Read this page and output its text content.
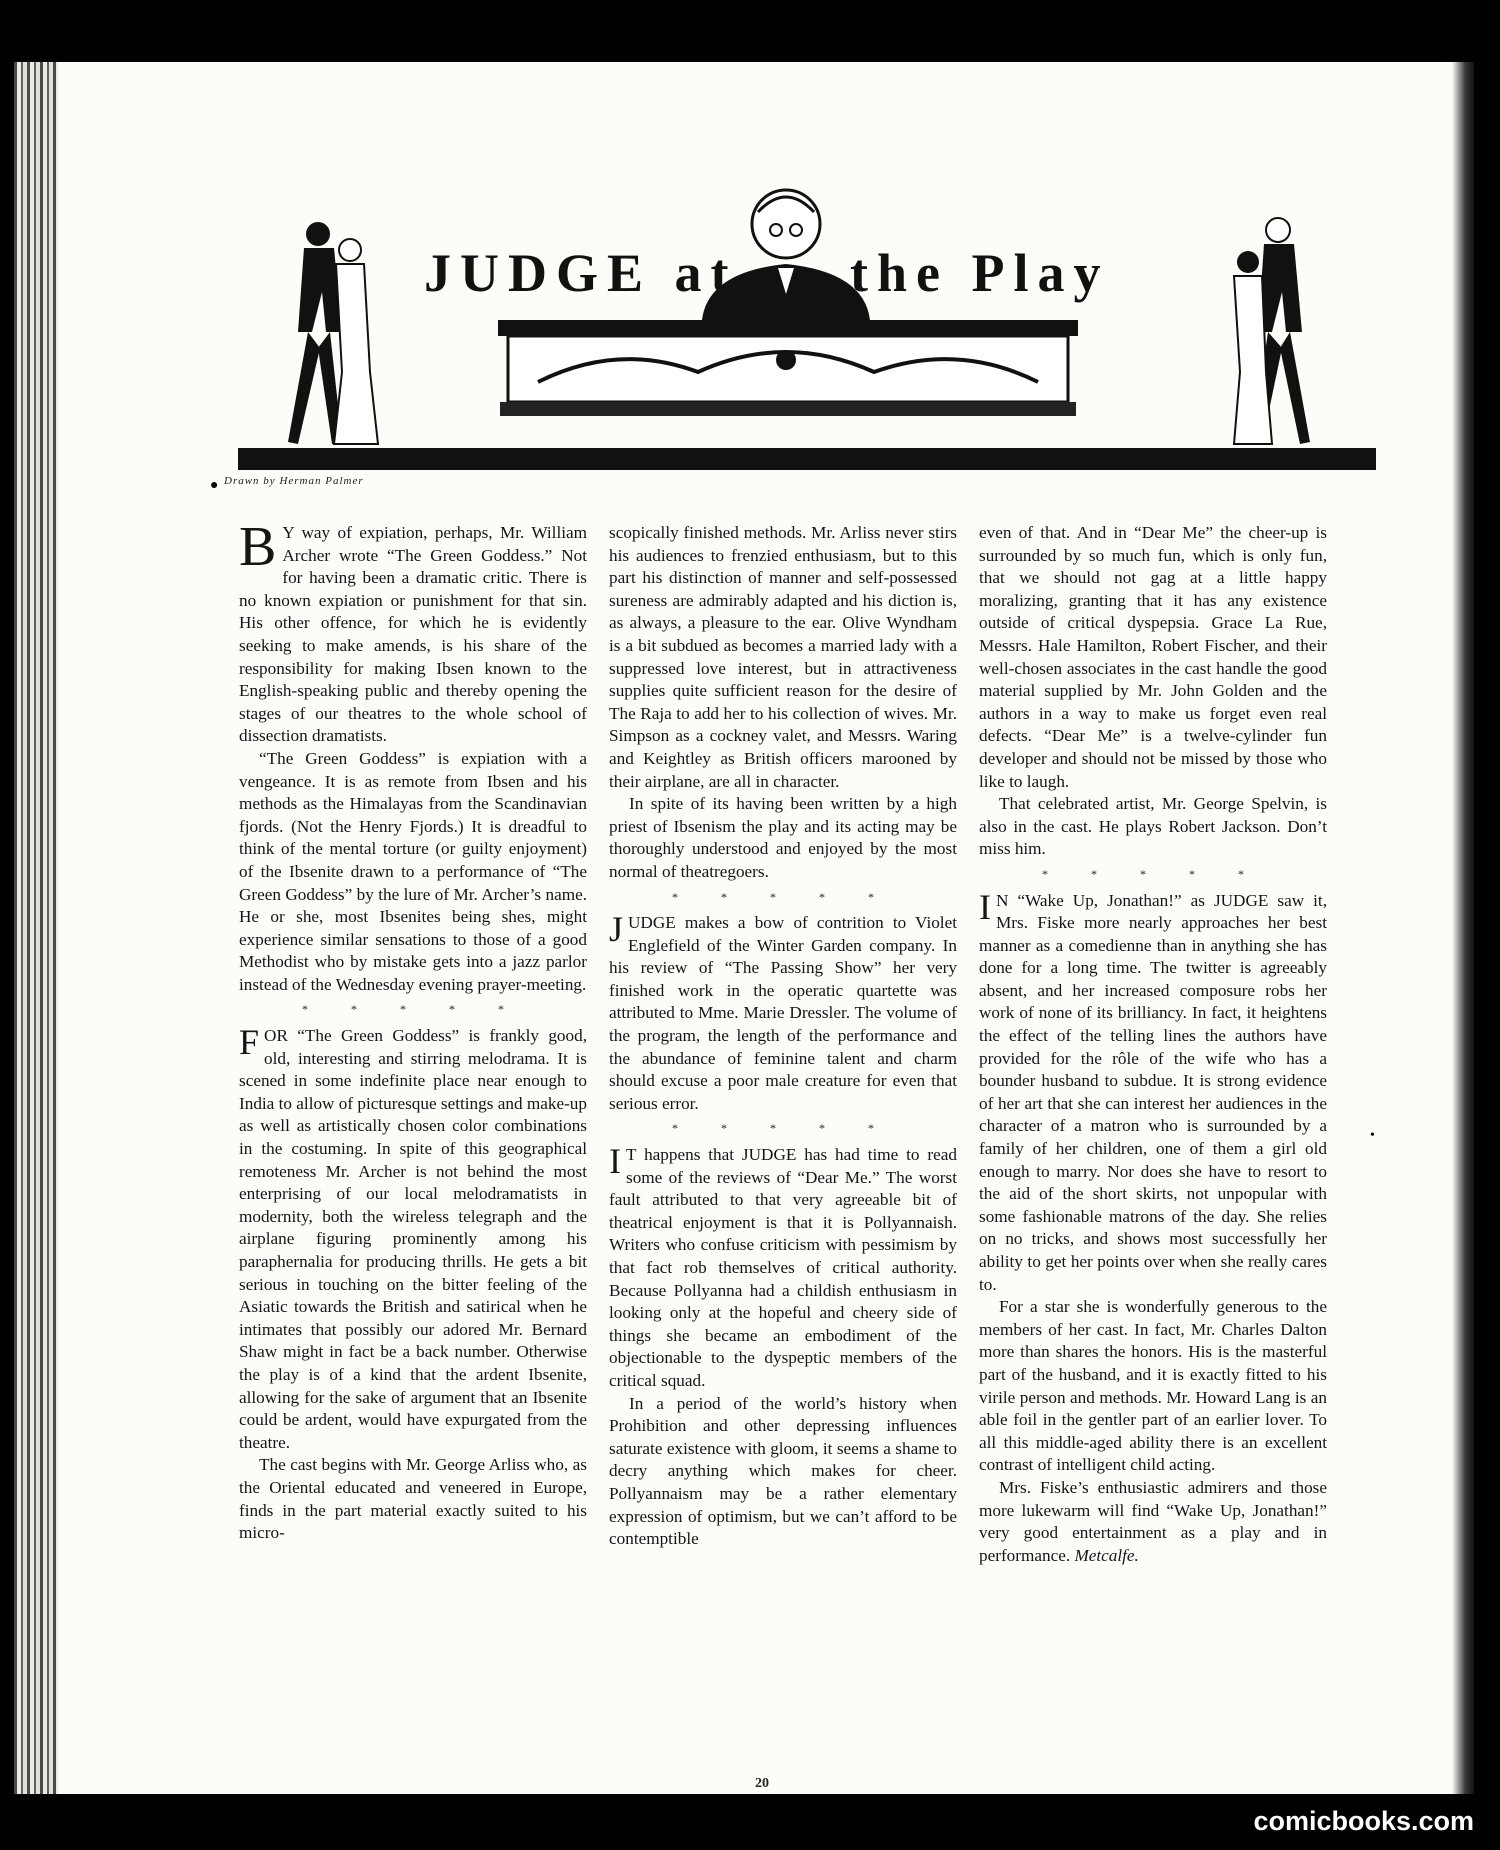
JUDGE at the Play
● Drawn by Herman Palmer

B Y way of expiation, perhaps, Mr. William Archer wrote “The Green Goddess.” Not for having been a dramatic critic. There is no known expiation or punishment for that sin. His other offence, for which he is evidently seeking to make amends, is his share of the responsibility for making Ibsen known to the English-speaking public and thereby opening the stages of our theatres to the whole school of dissection dramatists.

“The Green Goddess” is expiation with a vengeance. It is as remote from Ibsen and his methods as the Himalayas from the Scandinavian fjords. (Not the Henry Fjords.) It is dreadful to think of the mental torture (or guilty enjoyment) of the Ibsenite drawn to a performance of “The Green Goddess” by the lure of Mr. Archer’s name. He or she, most Ibsenites being shes, might experience similar sensations to those of a good Methodist who by mistake gets into a jazz parlor instead of the Wednesday evening prayer-meeting.

* * * * *

FOR “The Green Goddess” is frankly good, old, interesting and stirring melodrama. It is scened in some indefinite place near enough to India to allow of picturesque settings and make-up as well as artistically chosen color combinations in the costuming. In spite of this geographical remoteness Mr. Archer is not behind the most enterprising of our local melodramatists in modernity, both the wireless telegraph and the airplane figuring prominently among his paraphernalia for producing thrills. He gets a bit serious in touching on the bitter feeling of the Asiatic towards the British and satirical when he intimates that possibly our adored Mr. Bernard Shaw might in fact be a back number. Otherwise the play is of a kind that the ardent Ibsenite, allowing for the sake of argument that an Ibsenite could be ardent, would have expurgated from the theatre.

The cast begins with Mr. George Arliss who, as the Oriental educated and veneered in Europe, finds in the part material exactly suited to his micro-

scopically finished methods. Mr. Arliss never stirs his audiences to frenzied enthusiasm, but to this part his distinction of manner and self-possessed sureness are admirably adapted and his diction is, as always, a pleasure to the ear. Olive Wyndham is a bit subdued as becomes a married lady with a suppressed love interest, but in attractiveness supplies quite sufficient reason for the desire of The Raja to add her to his collection of wives. Mr. Simpson as a cockney valet, and Messrs. Waring and Keightley as British officers marooned by their airplane, are all in character.

In spite of its having been written by a high priest of Ibsenism the play and its acting may be thoroughly understood and enjoyed by the most normal of theatregoers.

* * * * *

JUDGE makes a bow of contrition to Violet Englefield of the Winter Garden company. In his review of “The Passing Show” her very finished work in the operatic quartette was attributed to Mme. Marie Dressler. The volume of the program, the length of the performance and the abundance of feminine talent and charm should excuse a poor male creature for even that serious error.

* * * * *

I T happens that JUDGE has had time to read some of the reviews of “Dear Me.” The worst fault attributed to that very agreeable bit of theatrical enjoyment is that it is Pollyannaish. Writers who confuse criticism with pessimism by that fact rob themselves of critical authority. Because Pollyanna had a childish enthusiasm in looking only at the hopeful and cheery side of things she became an embodiment of the objectionable to the dyspeptic members of the critical squad.

In a period of the world’s history when Prohibition and other depressing influences saturate existence with gloom, it seems a shame to decry anything which makes for cheer. Pollyannaism may be a rather elementary expression of optimism, but we can’t afford to be contemptible

even of that. And in “Dear Me” the cheer-up is surrounded by so much fun, which is only fun, that we should not gag at a little happy moralizing, granting that it has any existence outside of critical dyspepsia. Grace La Rue, Messrs. Hale Hamilton, Robert Fischer, and their well-chosen associates in the cast handle the good material supplied by Mr. John Golden and the authors in a way to make us forget even real defects. “Dear Me” is a twelve-cylinder fun developer and should not be missed by those who like to laugh.

That celebrated artist, Mr. George Spelvin, is also in the cast. He plays Robert Jackson. Don’t miss him.

* * * * *

I N “Wake Up, Jonathan!” as JUDGE saw it, Mrs. Fiske more nearly approaches her best manner as a comedienne than in anything she has done for a long time. The twitter is agreeably absent, and her increased composure robs her work of none of its brilliancy. In fact, it heightens the effect of the telling lines the authors have provided for the rôle of the wife who has a bounder husband to subdue. It is strong evidence of her art that she can interest her audiences in the character of a matron who is surrounded by a family of her children, one of them a girl old enough to marry. Nor does she have to resort to the aid of the short skirts, not unpopular with some fashionable matrons of the day. She relies on no tricks, and shows most successfully her ability to get her points over when she really cares to.

For a star she is wonderfully generous to the members of her cast. In fact, Mr. Charles Dalton more than shares the honors. His is the masterful part of the husband, and it is exactly fitted to his virile person and methods. Mr. Howard Lang is an able foil in the gentler part of an earlier lover. To all this middle-aged ability there is an excellent contrast of intelligent child acting.

Mrs. Fiske’s enthusiastic admirers and those more lukewarm will find “Wake Up, Jonathan!” very good entertainment as a play and in performance. Metcalfe.

•
20
comicbooks.com
